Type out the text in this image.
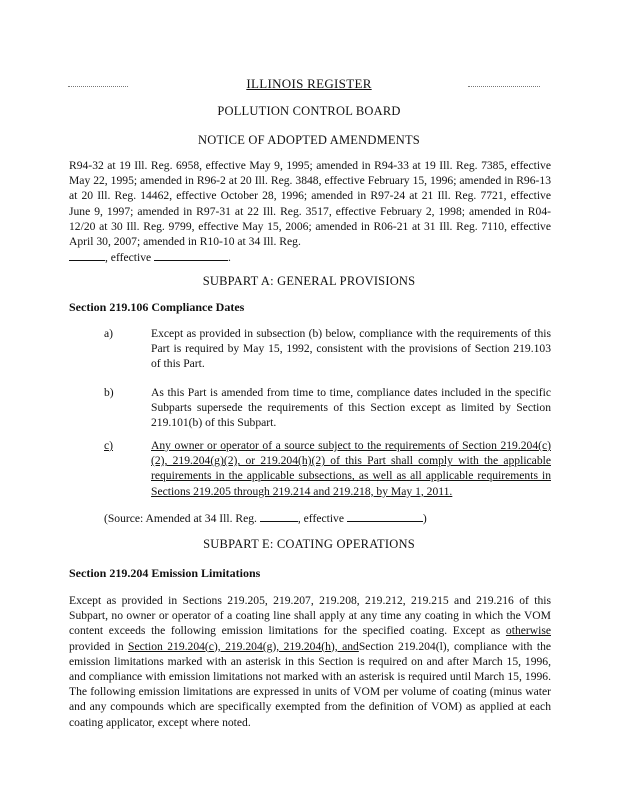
ILLINOIS REGISTER
POLLUTION CONTROL BOARD
NOTICE OF ADOPTED AMENDMENTS
R94-32 at 19 Ill. Reg. 6958, effective May 9, 1995; amended in R94-33 at 19 Ill. Reg. 7385, effective May 22, 1995; amended in R96-2 at 20 Ill. Reg. 3848, effective February 15, 1996; amended in R96-13 at 20 Ill. Reg. 14462, effective October 28, 1996; amended in R97-24 at 21 Ill. Reg. 7721, effective June 9, 1997; amended in R97-31 at 22 Ill. Reg. 3517, effective February 2, 1998; amended in R04-12/20 at 30 Ill. Reg. 9799, effective May 15, 2006; amended in R06-21 at 31 Ill. Reg. 7110, effective April 30, 2007; amended in R10-10 at 34 Ill. Reg.
, effective	.
SUBPART A: GENERAL PROVISIONS
Section 219.106 Compliance Dates
a)	Except as provided in subsection (b) below, compliance with the requirements of this Part is required by May 15, 1992, consistent with the provisions of Section 219.103 of this Part.
b)	As this Part is amended from time to time, compliance dates included in the specific Subparts supersede the requirements of this Section except as limited by Section 219.101(b) of this Subpart.
c)	Any owner or operator of a source subject to the requirements of Section 219.204(c)(2), 219.204(g)(2), or 219.204(h)(2) of this Part shall comply with the applicable requirements in the applicable subsections, as well as all applicable requirements in Sections 219.205 through 219.214 and 219.218, by May 1, 2011.
(Source: Amended at 34 Ill. Reg.	, effective	)
SUBPART E: COATING OPERATIONS
Section 219.204 Emission Limitations
Except as provided in Sections 219.205, 219.207, 219.208, 219.212, 219.215 and 219.216 of this Subpart, no owner or operator of a coating line shall apply at any time any coating in which the VOM content exceeds the following emission limitations for the specified coating. Except as otherwise provided in Section 219.204(c), 219.204(g), 219.204(h), andSection 219.204(l), compliance with the emission limitations marked with an asterisk in this Section is required on and after March 15, 1996, and compliance with emission limitations not marked with an asterisk is required until March 15, 1996. The following emission limitations are expressed in units of VOM per volume of coating (minus water and any compounds which are specifically exempted from the definition of VOM) as applied at each coating applicator, except where noted.
